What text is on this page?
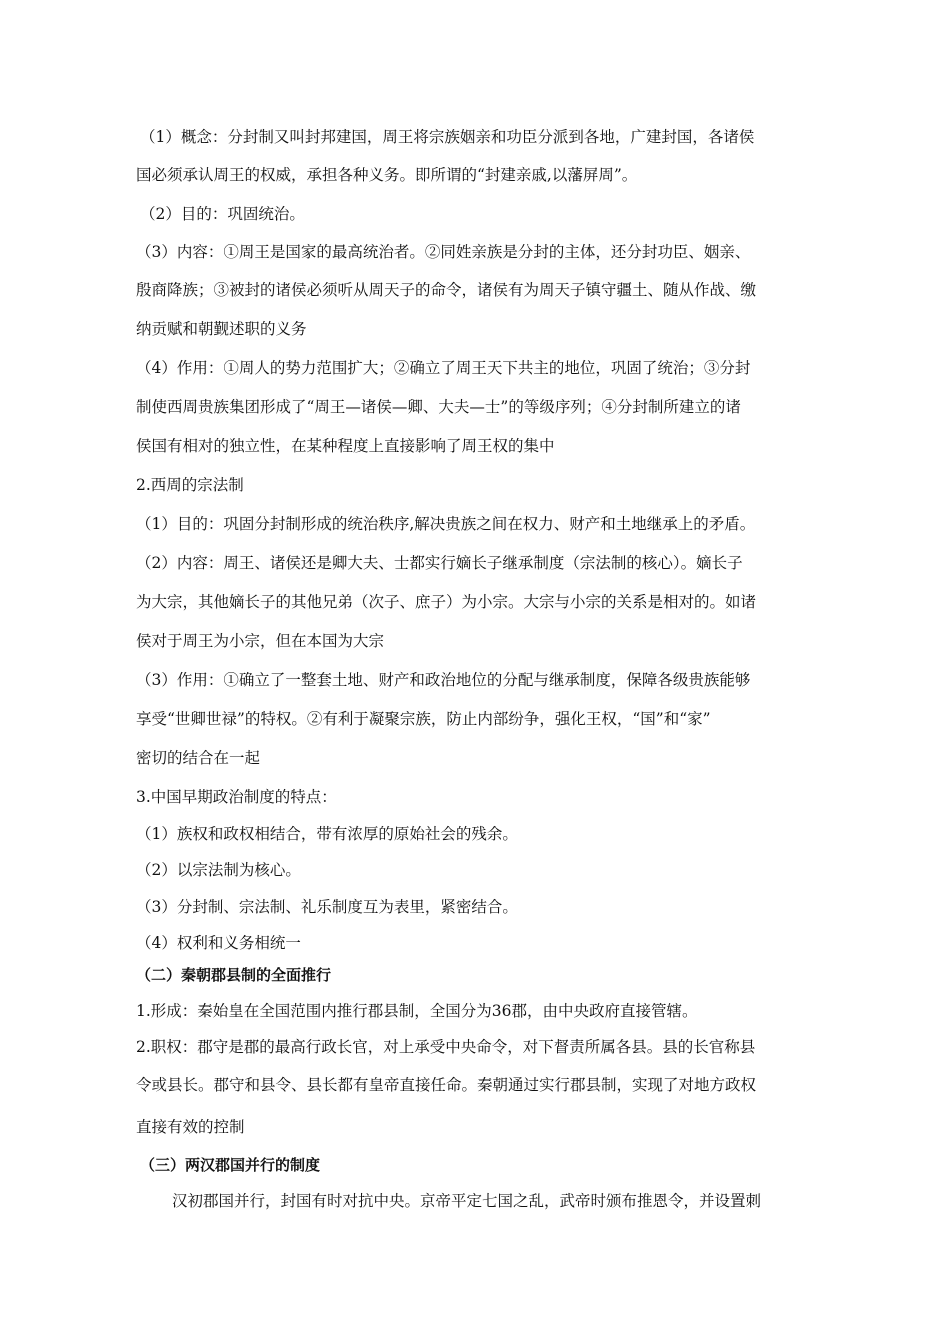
（1）概念：分封制又叫封邦建国，周王将宗族姻亲和功臣分派到各地，广建封国，各诸侯
国必须承认周王的权威，承担各种义务。即所谓的“封建亲戚,以藩屏周”。
（2）目的：巩固统治。
（3）内容：①周王是国家的最高统治者。②同姓亲族是分封的主体，还分封功臣、姻亲、
殷商降族；③被封的诸侯必须听从周天子的命令，诸侯有为周天子镇守疆土、随从作战、缴
纳贡赋和朝觐述职的义务
（4）作用：①周人的势力范围扩大；②确立了周王天下共主的地位，巩固了统治；③分封
制使西周贵族集团形成了“周王—诸侯—卿、大夫—士”的等级序列；④分封制所建立的诸
侯国有相对的独立性，在某种程度上直接影响了周王权的集中
2.西周的宗法制
（1）目的：巩固分封制形成的统治秩序,解决贵族之间在权力、财产和土地继承上的矛盾。
（2）内容：周王、诸侯还是卿大夫、士都实行嫡长子继承制度（宗法制的核心）。嫡长子
为大宗，其他嫡长子的其他兄弟（次子、庶子）为小宗。大宗与小宗的关系是相对的。如诸
侯对于周王为小宗，但在本国为大宗
（3）作用：①确立了一整套土地、财产和政治地位的分配与继承制度，保障各级贵族能够
享受“世卿世禄”的特权。②有利于凝聚宗族，防止内部纷争，强化王权，“国”和“家”
密切的结合在一起
3.中国早期政治制度的特点：
（1）族权和政权相结合，带有浓厚的原始社会的残余。
（2）以宗法制为核心。
（3）分封制、宗法制、礼乐制度互为表里，紧密结合。
（4）权利和义务相统一
（二）秦朝郡县制的全面推行
1.形成：秦始皇在全国范围内推行郡县制，全国分为36郡，由中央政府直接管辖。
2.职权：郡守是郡的最高行政长官，对上承受中央命令，对下督责所属各县。县的长官称县
令或县长。郡守和县令、县长都有皇帝直接任命。秦朝通过实行郡县制，实现了对地方政权
直接有效的控制
（三）两汉郡国并行的制度
汉初郡国并行，封国有时对抗中央。京帝平定七国之乱，武帝时颁布推恩令，并设置刺
